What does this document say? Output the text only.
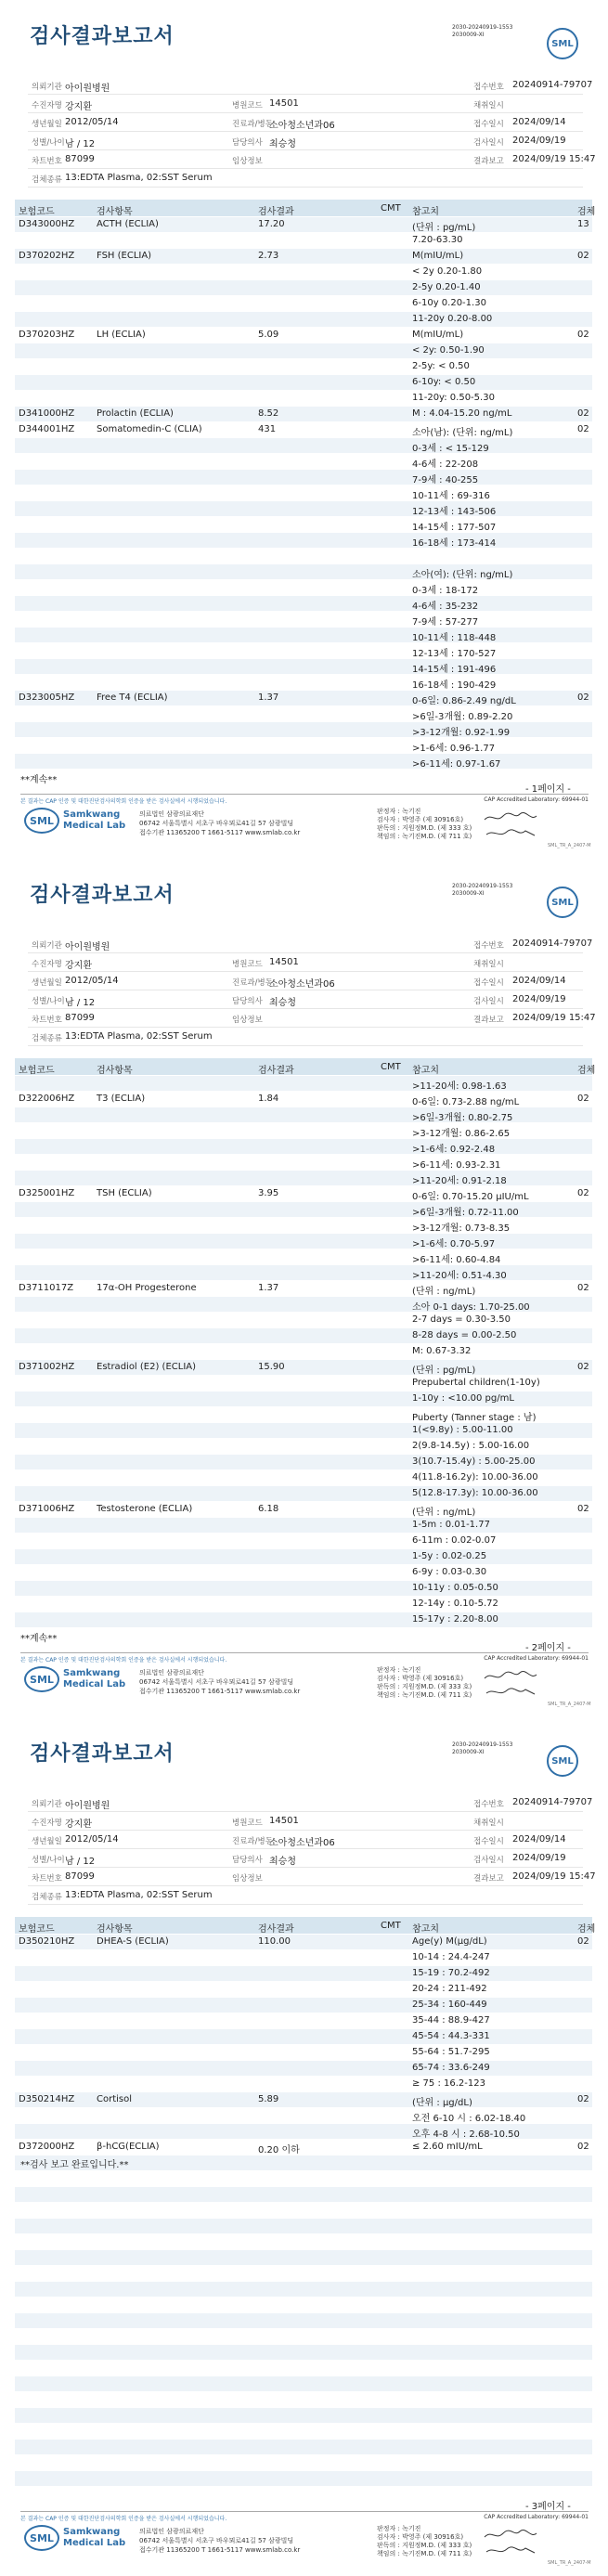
검사결과보고서	2030-20240919-1553
2030009-XI
SML
의뢰기관 아이원병원	접수번호 20240914-79707
수진자명 강지환	병원코드 14501	채취일시
생년월일 2012/05/14	진료과/병동
소아청소년과06	접수일시 2024/09/14
성별/나이 남 / 12	담당의사 최승청	검사일시 2024/09/19
차트번호 87099	임상정보	결과보고 2024/09/19 15:47
검체종류 13:EDTA Plasma, 02:SST Serum
보험코드	검사항목	검사결과	CMT 참고치	검체
D343000HZ ACTH (ECLIA)	17.20	(단위 : pg/mL)	13
7.20-63.30
D370202HZ FSH (ECLIA)	2.73	M(mIU/mL)	02
< 2y 0.20-1.80
2-5y 0.20-1.40
6-10y 0.20-1.30
11-20y 0.20-8.00
D370203HZ LH (ECLIA)	5.09	M(mIU/mL)	02
< 2y: 0.50-1.90
2-5y: < 0.50
6-10y: < 0.50
11-20y: 0.50-5.30
D341000HZ Prolactin (ECLIA)	8.52	M : 4.04-15.20 ng/mL	02
D344001HZ Somatomedin-C (CLIA)	431	소아(남): (단위: ng/mL)	02
0-3세 : < 15-129
4-6세 : 22-208
7-9세 : 40-255
10-11세 : 69-316
12-13세 : 143-506
14-15세 : 177-507
16-18세 : 173-414
소아(여): (단위: ng/mL)
0-3세 : 18-172
4-6세 : 35-232
7-9세 : 57-277
10-11세 : 118-448
12-13세 : 170-527
14-15세 : 191-496
16-18세 : 190-429
D323005HZ Free T4 (ECLIA)	1.37	0-6일: 0.86-2.49 ng/dL	02
>6일-3개월: 0.89-2.20
>3-12개월: 0.92-1.99
>1-6세: 0.96-1.77
>6-11세: 0.97-1.67
**계속**
- 1페이지 -
본 결과는 CAP 인증 및 대한진단검사의학회 인증을 받은 검사실에서 시행되었습니다.	CAP Accredited Laboratory: 69944-01
SML	Samkwang
Medical Lab
의료법인 삼광의료재단
06742 서울특별시 서초구 바우뫼로41길 57 삼광빌딩
접수기관 11365200 T 1661-5117 www.smlab.co.kr
판정자 : 녹기진
검사자 : 박영주 (제 30916호)
판독의 : 지원정M.D. (제 333 호)
책임의 : 녹기진M.D. (제 711 호)
SML_TR_A_2407-M
검사결과보고서	2030-20240919-1553
2030009-XI
SML
의뢰기관 아이원병원	접수번호 20240914-79707
수진자명 강지환	병원코드 14501	채취일시
생년월일 2012/05/14	진료과/병동
소아청소년과06	접수일시 2024/09/14
성별/나이 남 / 12	담당의사 최승청	검사일시 2024/09/19
차트번호 87099	임상정보	결과보고 2024/09/19 15:47
검체종류 13:EDTA Plasma, 02:SST Serum
보험코드	검사항목	검사결과	CMT 참고치	검체
>11-20세: 0.98-1.63
D322006HZ T3 (ECLIA)	1.84	0-6일: 0.73-2.88 ng/mL	02
>6일-3개월: 0.80-2.75
>3-12개월: 0.86-2.65
>1-6세: 0.92-2.48
>6-11세: 0.93-2.31
>11-20세: 0.91-2.18
D325001HZ TSH (ECLIA)	3.95	0-6일: 0.70-15.20 μIU/mL	02
>6일-3개월: 0.72-11.00
>3-12개월: 0.73-8.35
>1-6세: 0.70-5.97
>6-11세: 0.60-4.84
>11-20세: 0.51-4.30
D3711017Z 17α-OH Progesterone	1.37	(단위 : ng/mL)	02
소아 0-1 days: 1.70-25.00
2-7 days = 0.30-3.50
8-28 days = 0.00-2.50
M: 0.67-3.32
D371002HZ Estradiol (E2) (ECLIA)	15.90	(단위 : pg/mL)	02
Prepubertal children(1-10y)
1-10y : <10.00 pg/mL
Puberty (Tanner stage : 남)
1(<9.8y) : 5.00-11.00
2(9.8-14.5y) : 5.00-16.00
3(10.7-15.4y) : 5.00-25.00
4(11.8-16.2y): 10.00-36.00
5(12.8-17.3y): 10.00-36.00
D371006HZ Testosterone (ECLIA)	6.18	(단위 : ng/mL)	02
1-5m : 0.01-1.77
6-11m : 0.02-0.07
1-5y : 0.02-0.25
6-9y : 0.03-0.30
10-11y : 0.05-0.50
12-14y : 0.10-5.72
15-17y : 2.20-8.00
**계속**
- 2페이지 -
본 결과는 CAP 인증 및 대한진단검사의학회 인증을 받은 검사실에서 시행되었습니다.	CAP Accredited Laboratory: 69944-01
SML	Samkwang
Medical Lab
의료법인 삼광의료재단
06742 서울특별시 서초구 바우뫼로41길 57 삼광빌딩
접수기관 11365200 T 1661-5117 www.smlab.co.kr
판정자 : 녹기진
검사자 : 박영주 (제 30916호)
판독의 : 지원정M.D. (제 333 호)
책임의 : 녹기진M.D. (제 711 호)
SML_TR_A_2407-M
검사결과보고서	2030-20240919-1553
2030009-XI
SML
의뢰기관 아이원병원	접수번호 20240914-79707
수진자명 강지환	병원코드 14501	채취일시
생년월일 2012/05/14	진료과/병동
소아청소년과06	접수일시 2024/09/14
성별/나이 남 / 12	담당의사 최승청	검사일시 2024/09/19
차트번호 87099	임상정보	결과보고 2024/09/19 15:47
검체종류 13:EDTA Plasma, 02:SST Serum
보험코드	검사항목	검사결과	CMT 참고치	검체
D350210HZ DHEA-S (ECLIA)	110.00	Age(y) M(μg/dL)	02
10-14 : 24.4-247
15-19 : 70.2-492
20-24 : 211-492
25-34 : 160-449
35-44 : 88.9-427
45-54 : 44.3-331
55-64 : 51.7-295
65-74 : 33.6-249
≥ 75 : 16.2-123
D350214HZ Cortisol	5.89	(단위 : μg/dL)	02
오전 6-10 시 : 6.02-18.40
오후 4-8 시 : 2.68-10.50
D372000HZ β-hCG(ECLIA)	0.20 이하	≤ 2.60 mIU/mL	02
**검사 보고 완료입니다.**
- 3페이지 -
본 결과는 CAP 인증 및 대한진단검사의학회 인증을 받은 검사실에서 시행되었습니다.	CAP Accredited Laboratory: 69944-01
SML	Samkwang
Medical Lab
의료법인 삼광의료재단
06742 서울특별시 서초구 바우뫼로41길 57 삼광빌딩
접수기관 11365200 T 1661-5117 www.smlab.co.kr
판정자 : 녹기진
검사자 : 박영주 (제 30916호)
판독의 : 지원정M.D. (제 333 호)
책임의 : 녹기진M.D. (제 711 호)
SML_TR_A_2407-M
